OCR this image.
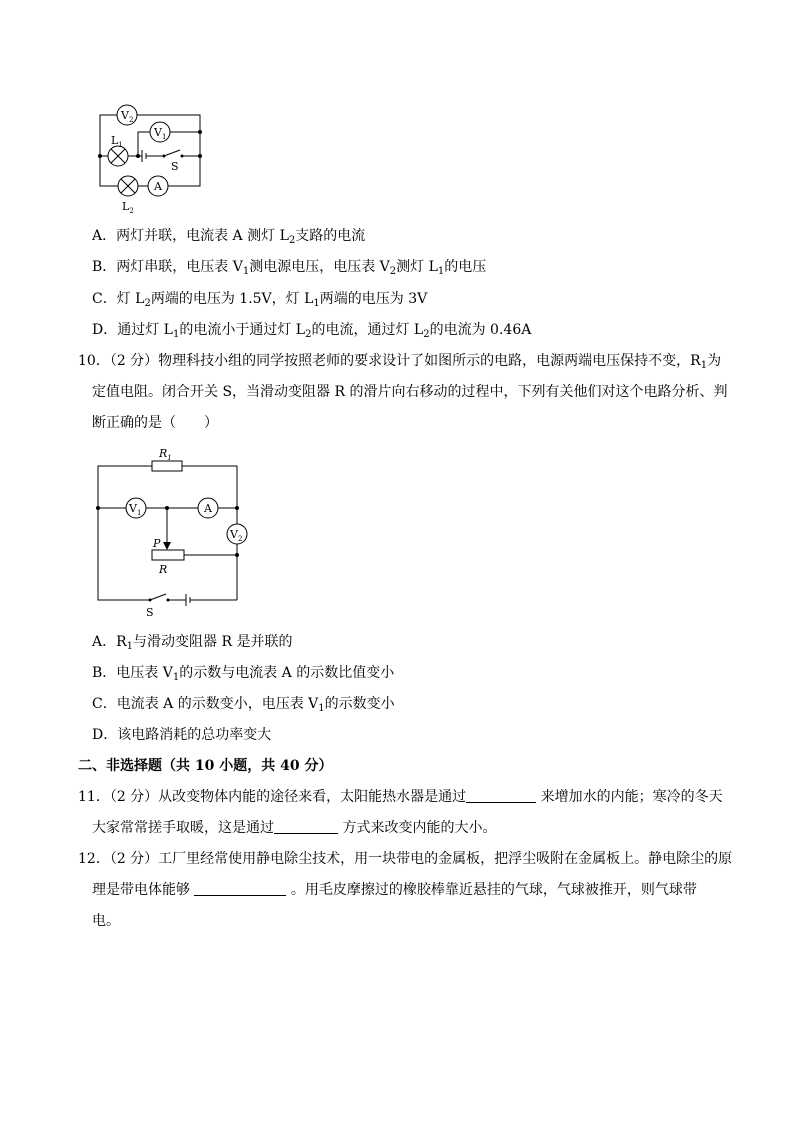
$V_2$
$V_1$
$L_1$
S
A
$L_2$
A．两灯并联，电流表 A 测灯 $L_2$支路的电流
B．两灯串联，电压表 $V_1$测电源电压，电压表 $V_2$测灯 $L_1$的电压
C．灯 $L_2$两端的电压为 1.5V，灯 $L_1$两端的电压为 3V
D．通过灯 $L_1$的电流小于通过灯 $L_2$的电流，通过灯 $L_2$的电流为 0.46A
10．（2 分）物理科技小组的同学按照老师的要求设计了如图所示的电路，电源两端电压保持不变，$R_1$为
定值电阻。闭合开关 S，当滑动变阻器 R 的滑片向右移动的过程中，下列有关他们对这个电路分析、判
断正确的是（　　）
$R_1$
$V_1$	A
$V_2$
P
R
S
A．$R_1$与滑动变阻器 R 是并联的
B．电压表 $V_1$的示数与电流表 A 的示数比值变小
C．电流表 A 的示数变小，电压表 $V_1$的示数变小
D．该电路消耗的总功率变大
二、非选择题（共 10 小题，共 40 分）
11．（2 分）从改变物体内能的途径来看，太阳能热水器是通过	来增加水的内能；寒冷的冬天
大家常常搓手取暖，这是通过	方式来改变内能的大小。
12．（2 分）工厂里经常使用静电除尘技术，用一块带电的金属板，把浮尘吸附在金属板上。静电除尘的原
理是带电体能够	。用毛皮摩擦过的橡胶棒靠近悬挂的气球，气球被推开，则气球带
电。
